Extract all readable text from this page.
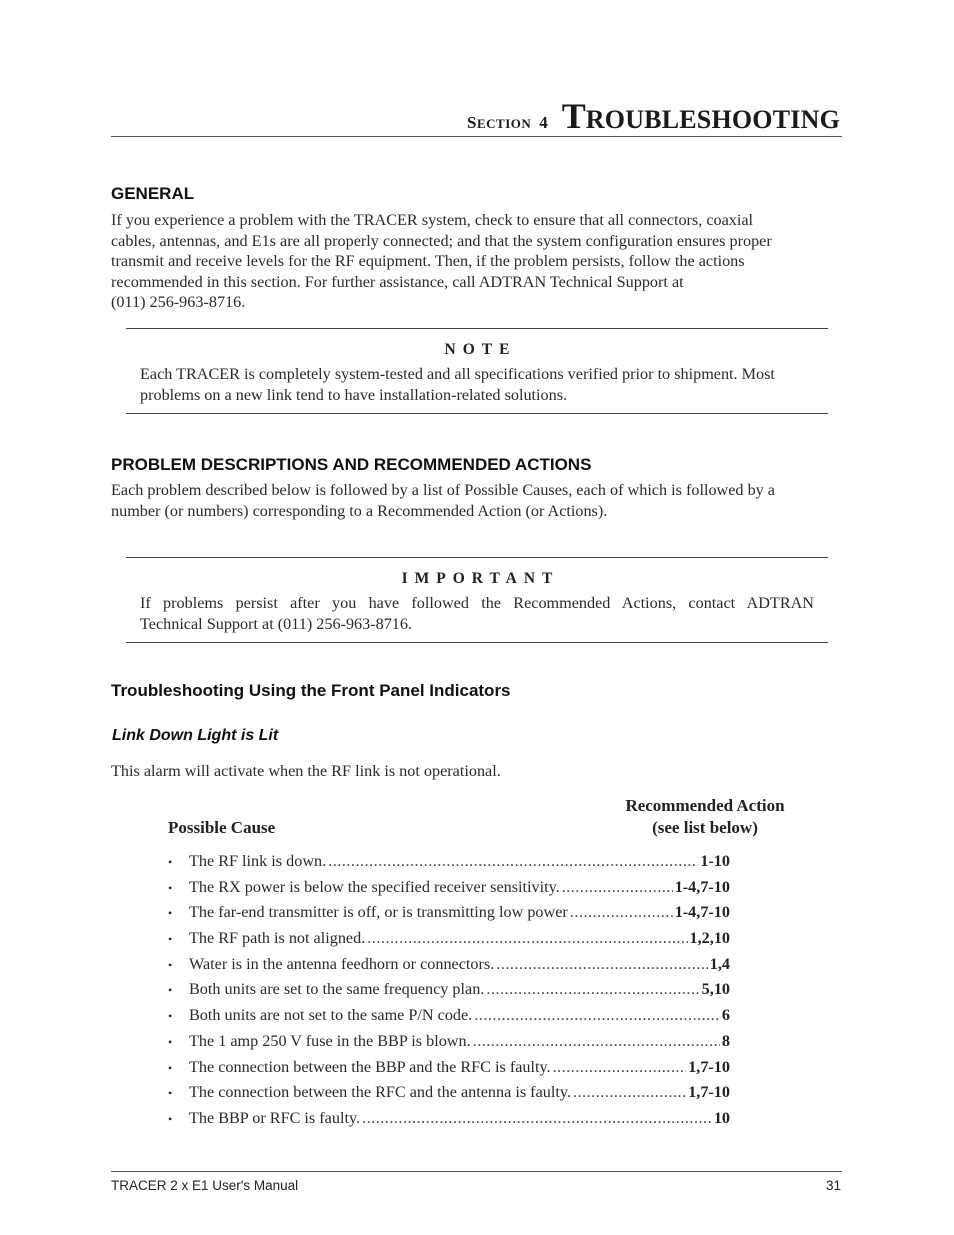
SECTION 4 TROUBLESHOOTING
GENERAL
If you experience a problem with the TRACER system, check to ensure that all connectors, coaxial
cables, antennas, and E1s are all properly connected; and that the system configuration ensures proper
transmit and receive levels for the RF equipment. Then, if the problem persists, follow the actions
recommended in this section. For further assistance, call ADTRAN Technical Support at
(011) 256-963-8716.
NOTE
Each TRACER is completely system-tested and all specifications verified prior to shipment. Most
problems on a new link tend to have installation-related solutions.
PROBLEM DESCRIPTIONS AND RECOMMENDED ACTIONS
Each problem described below is followed by a list of Possible Causes, each of which is followed by a
number (or numbers) corresponding to a Recommended Action (or Actions).
IMPORTANT
If problems persist after you have followed the Recommended Actions, contact ADTRAN
Technical Support at (011) 256-963-8716.
Troubleshooting Using the Front Panel Indicators
Link Down Light is Lit
This alarm will activate when the RF link is not operational.
Possible Cause
Recommended Action
(see list below)
•	The RF link is down. .....	1-10
•	The RX power is below the specified receiver sensitivity. .....	1-4,7-10
•	The far-end transmitter is off, or is transmitting low power .....	1-4,7-10
•	The RF path is not aligned. .....	1,2,10
•	Water is in the antenna feedhorn or connectors. .....	1,4
•	Both units are set to the same frequency plan. .....	5,10
•	Both units are not set to the same P/N code. .....	6
•	The 1 amp 250 V fuse in the BBP is blown. .....	8
•	The connection between the BBP and the RFC is faulty. .....	1,7-10
•	The connection between the RFC and the antenna is faulty. .....	1,7-10
•	The BBP or RFC is faulty. .....	10
TRACER 2 x E1 User's Manual	31
